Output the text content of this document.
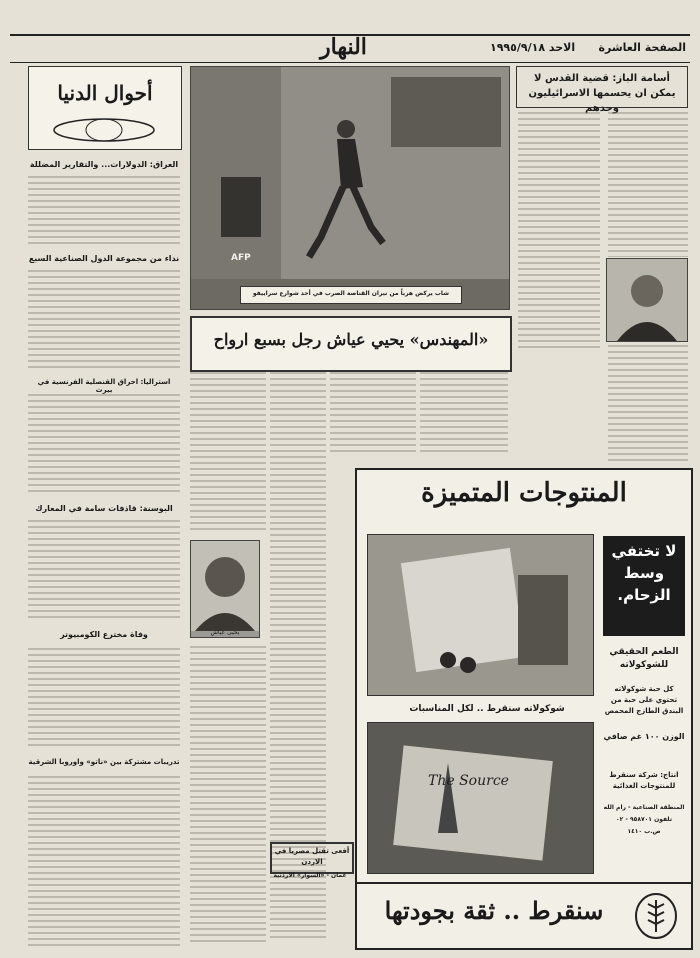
الصفحة العاشرة
الاحد ١٩٩٥/٩/١٨
النهار
أسامة الباز: قضية القدس لا يمكن ان يحسمها الاسرائيليون وحدهم
أحوال الدنيا
العراق: الدولارات... والتقارير المضللة
نداء من مجموعة الدول الصناعية السبع
استراليا: احراق القنصلية الفرنسية في بيرث
البوسنة: قاذفات سامة في المعارك
وفاة مخترع الكومبيوتر
تدريبات مشتركة بين «ناتو» واوروبا الشرقية
AFP
شاب يركض هرباً من نيران القناصة الصرب في أحد شوارع سراييفو
«المهندس» يحيي عياش رجل بسبع ارواح
يحيى عياش
أفعى تقتل مصريا في الاردن
عمان - «السوار» الاردنية
المنتوجات المتميزة
لا تختفي وسط الزحام.
الطعم الحقيقي للشوكولاته
كل حبة شوكولاته تحتوي على حبة من البندق الطازج المحمص
الوزن ١٠٠ غم صافي
انتاج: شركة سنقرط للمنتوجات الغذائية
المنطقة الصناعية - رام الله
تلفون ٩٥٨٧٠١ - ٠٢
ص.ب ١٤١٠
شوكولاته سنقرط .. لكل المناسبات
The Source
سنقرط .. ثقة بجودتها
